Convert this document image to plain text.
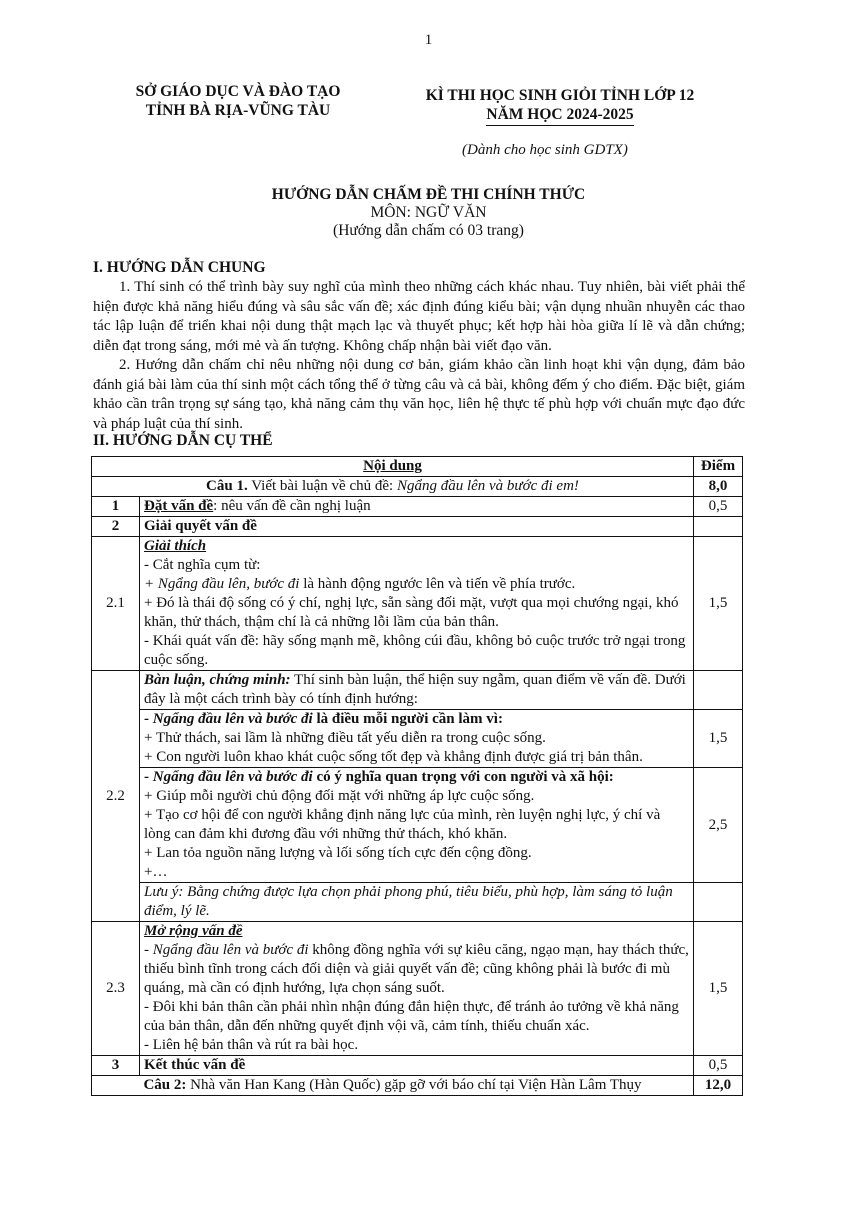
1
SỞ GIÁO DỤC VÀ ĐÀO TẠO
TỈNH BÀ RỊA-VŨNG TÀU
KÌ THI HỌC SINH GIỎI TỈNH LỚP 12
NĂM HỌC 2024-2025
(Dành cho học sinh GDTX)
HƯỚNG DẪN CHẤM ĐỀ THI CHÍNH THỨC
MÔN: NGỮ VĂN
(Hướng dẫn chấm có 03 trang)
I. HƯỚNG DẪN CHUNG
1. Thí sinh có thể trình bày suy nghĩ của mình theo những cách khác nhau. Tuy nhiên, bài viết phải thể hiện được khả năng hiểu đúng và sâu sắc vấn đề; xác định đúng kiểu bài; vận dụng nhuần nhuyễn các thao tác lập luận để triển khai nội dung thật mạch lạc và thuyết phục; kết hợp hài hòa giữa lí lẽ và dẫn chứng; diễn đạt trong sáng, mới mẻ và ấn tượng. Không chấp nhận bài viết đạo văn.
2. Hướng dẫn chấm chỉ nêu những nội dung cơ bản, giám khảo cần linh hoạt khi vận dụng, đảm bảo đánh giá bài làm của thí sinh một cách tổng thể ở từng câu và cả bài, không đếm ý cho điểm. Đặc biệt, giám khảo cần trân trọng sự sáng tạo, khả năng cảm thụ văn học, liên hệ thực tế phù hợp với chuẩn mực đạo đức và pháp luật của thí sinh.
II. HƯỚNG DẪN CỤ THỂ
Nội dung		Điểm
Câu 1. Viết bài luận về chủ đề: Ngẩng đầu lên và bước đi em!		8,0
1	Đặt vấn đề: nêu vấn đề cần nghị luận	0,5
2	Giải quyết vấn đề	
2.1	Giải thích
- Cắt nghĩa cụm từ:
+ Ngẩng đầu lên, bước đi là hành động ngước lên và tiến về phía trước.
+ Đó là thái độ sống có ý chí, nghị lực, sẵn sàng đối mặt, vượt qua mọi chướng ngại, khó khăn, thử thách, thậm chí là cả những lỗi lầm của bản thân.
- Khái quát vấn đề: hãy sống mạnh mẽ, không cúi đầu, không bỏ cuộc trước trở ngại trong cuộc sống.	1,5
2.2	Bàn luận, chứng minh: Thí sinh bàn luận, thể hiện suy ngẫm, quan điểm về vấn đề. Dưới đây là một cách trình bày có tính định hướng:	

	- Ngẩng đầu lên và bước đi là điều mỗi người cần làm vì:
+ Thử thách, sai lầm là những điều tất yếu diễn ra trong cuộc sống.
+ Con người luôn khao khát cuộc sống tốt đẹp và khẳng định được giá trị bản thân.	1,5

	- Ngẩng đầu lên và bước đi có ý nghĩa quan trọng với con người và xã hội:
+ Giúp mỗi người chủ động đối mặt với những áp lực cuộc sống.
+ Tạo cơ hội để con người khẳng định năng lực của mình, rèn luyện nghị lực, ý chí và lòng can đảm khi đương đầu với những thử thách, khó khăn.
+ Lan tỏa nguồn năng lượng và lối sống tích cực đến cộng đồng.
+…	2,5
	Lưu ý: Bằng chứng được lựa chọn phải phong phú, tiêu biểu, phù hợp, làm sáng tỏ luận điểm, lý lẽ.	
2.3	Mở rộng vấn đề
- Ngẩng đầu lên và bước đi không đồng nghĩa với sự kiêu căng, ngạo mạn, hay thách thức, thiếu bình tĩnh trong cách đối diện và giải quyết vấn đề; cũng không phải là bước đi mù quáng, mà cần có định hướng, lựa chọn sáng suốt.
- Đôi khi bản thân cần phải nhìn nhận đúng đắn hiện thực, để tránh ảo tưởng về khả năng của bản thân, dẫn đến những quyết định vội vã, cảm tính, thiếu chuẩn xác.
- Liên hệ bản thân và rút ra bài học.	1,5
3	Kết thúc vấn đề	0,5
Câu 2: Nhà văn Han Kang (Hàn Quốc) gặp gỡ với báo chí tại Viện Hàn Lâm Thụy		12,0
